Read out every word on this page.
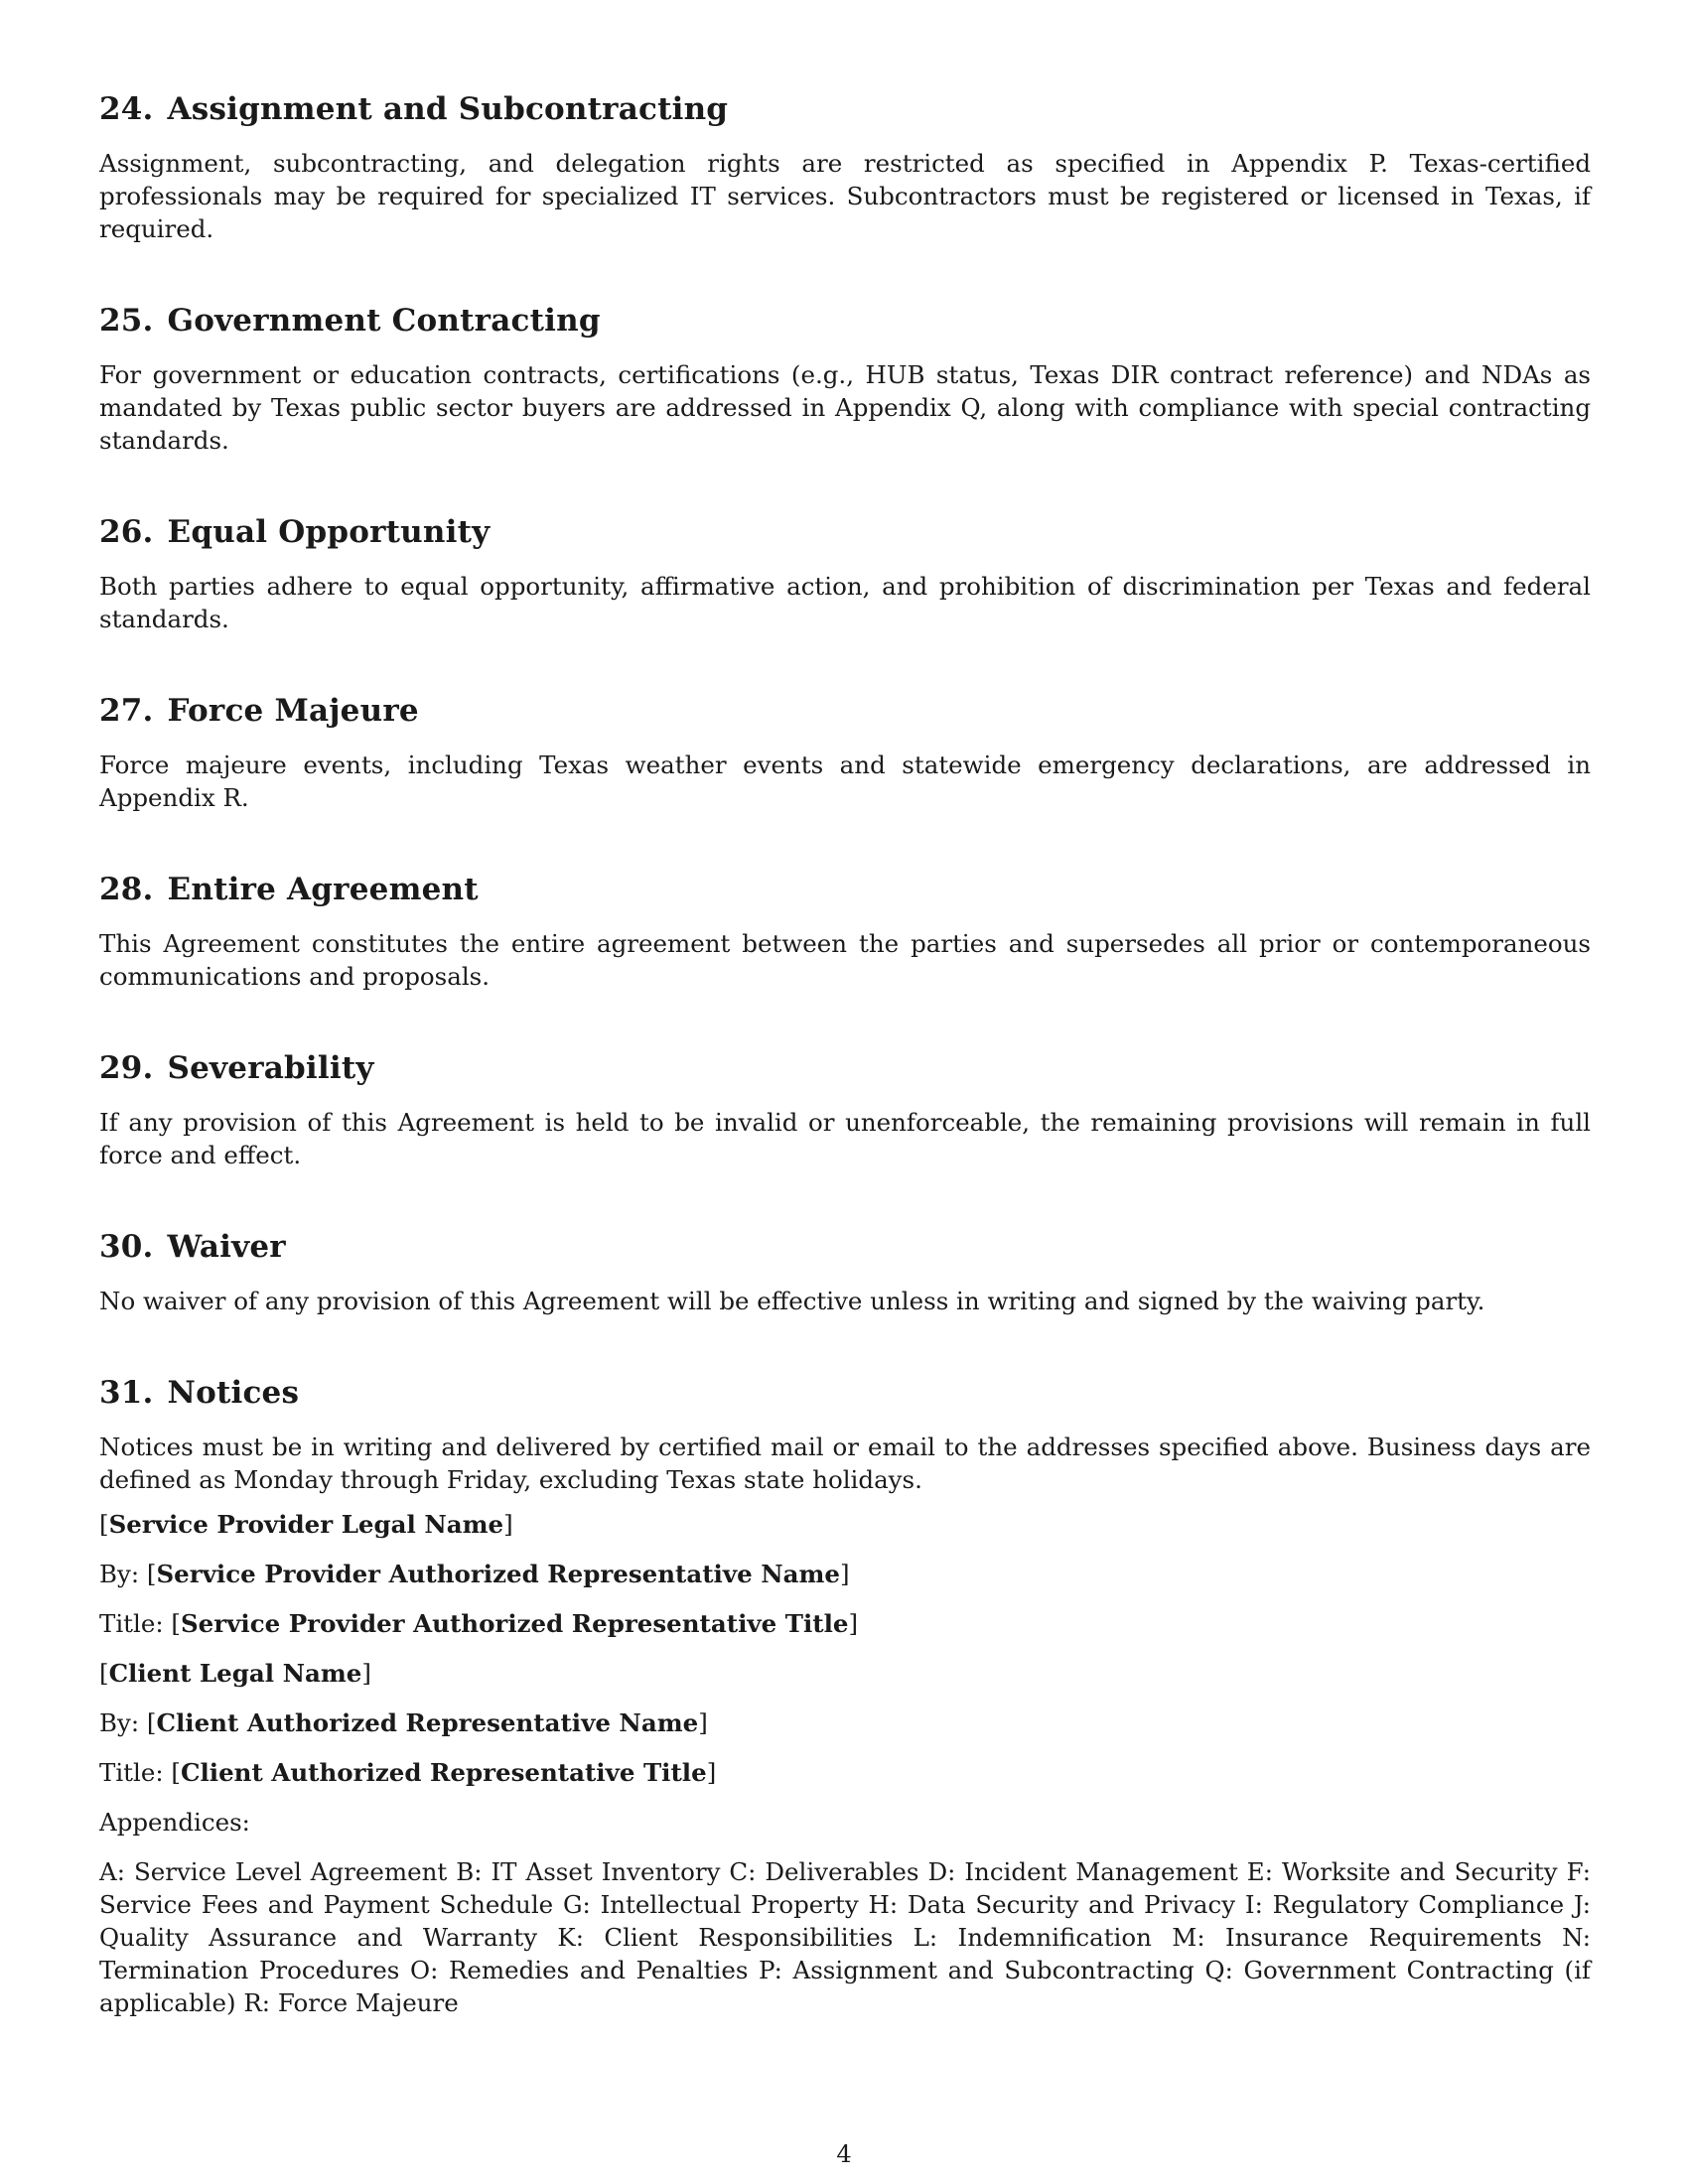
24. Assignment and Subcontracting

Assignment, subcontracting, and delegation rights are restricted as specified in Appendix P. Texas-certified professionals may be required for specialized IT services. Subcontractors must be registered or licensed in Texas, if required.

25. Government Contracting

For government or education contracts, certifications (e.g., HUB status, Texas DIR contract reference) and NDAs as mandated by Texas public sector buyers are addressed in Appendix Q, along with compliance with special contracting standards.

26. Equal Opportunity

Both parties adhere to equal opportunity, affirmative action, and prohibition of discrimination per Texas and federal standards.

27. Force Majeure

Force majeure events, including Texas weather events and statewide emergency declarations, are addressed in Appendix R.

28. Entire Agreement

This Agreement constitutes the entire agreement between the parties and supersedes all prior or contemporaneous communications and proposals.

29. Severability

If any provision of this Agreement is held to be invalid or unenforceable, the remaining provisions will remain in full force and effect.

30. Waiver

No waiver of any provision of this Agreement will be effective unless in writing and signed by the waiving party.

31. Notices

Notices must be in writing and delivered by certified mail or email to the addresses specified above. Business days are defined as Monday through Friday, excluding Texas state holidays.

[Service Provider Legal Name]
By: [Service Provider Authorized Representative Name]
Title: [Service Provider Authorized Representative Title]
[Client Legal Name]
By: [Client Authorized Representative Name]
Title: [Client Authorized Representative Title]
Appendices:

A: Service Level Agreement B: IT Asset Inventory C: Deliverables D: Incident Management E: Worksite and Security F: Service Fees and Payment Schedule G: Intellectual Property H: Data Security and Privacy I: Regulatory Compliance J: Quality Assurance and Warranty K: Client Responsibilities L: Indemnification M: Insurance Requirements N: Termination Procedures O: Remedies and Penalties P: Assignment and Subcontracting Q: Government Contracting (if applicable) R: Force Majeure

4
